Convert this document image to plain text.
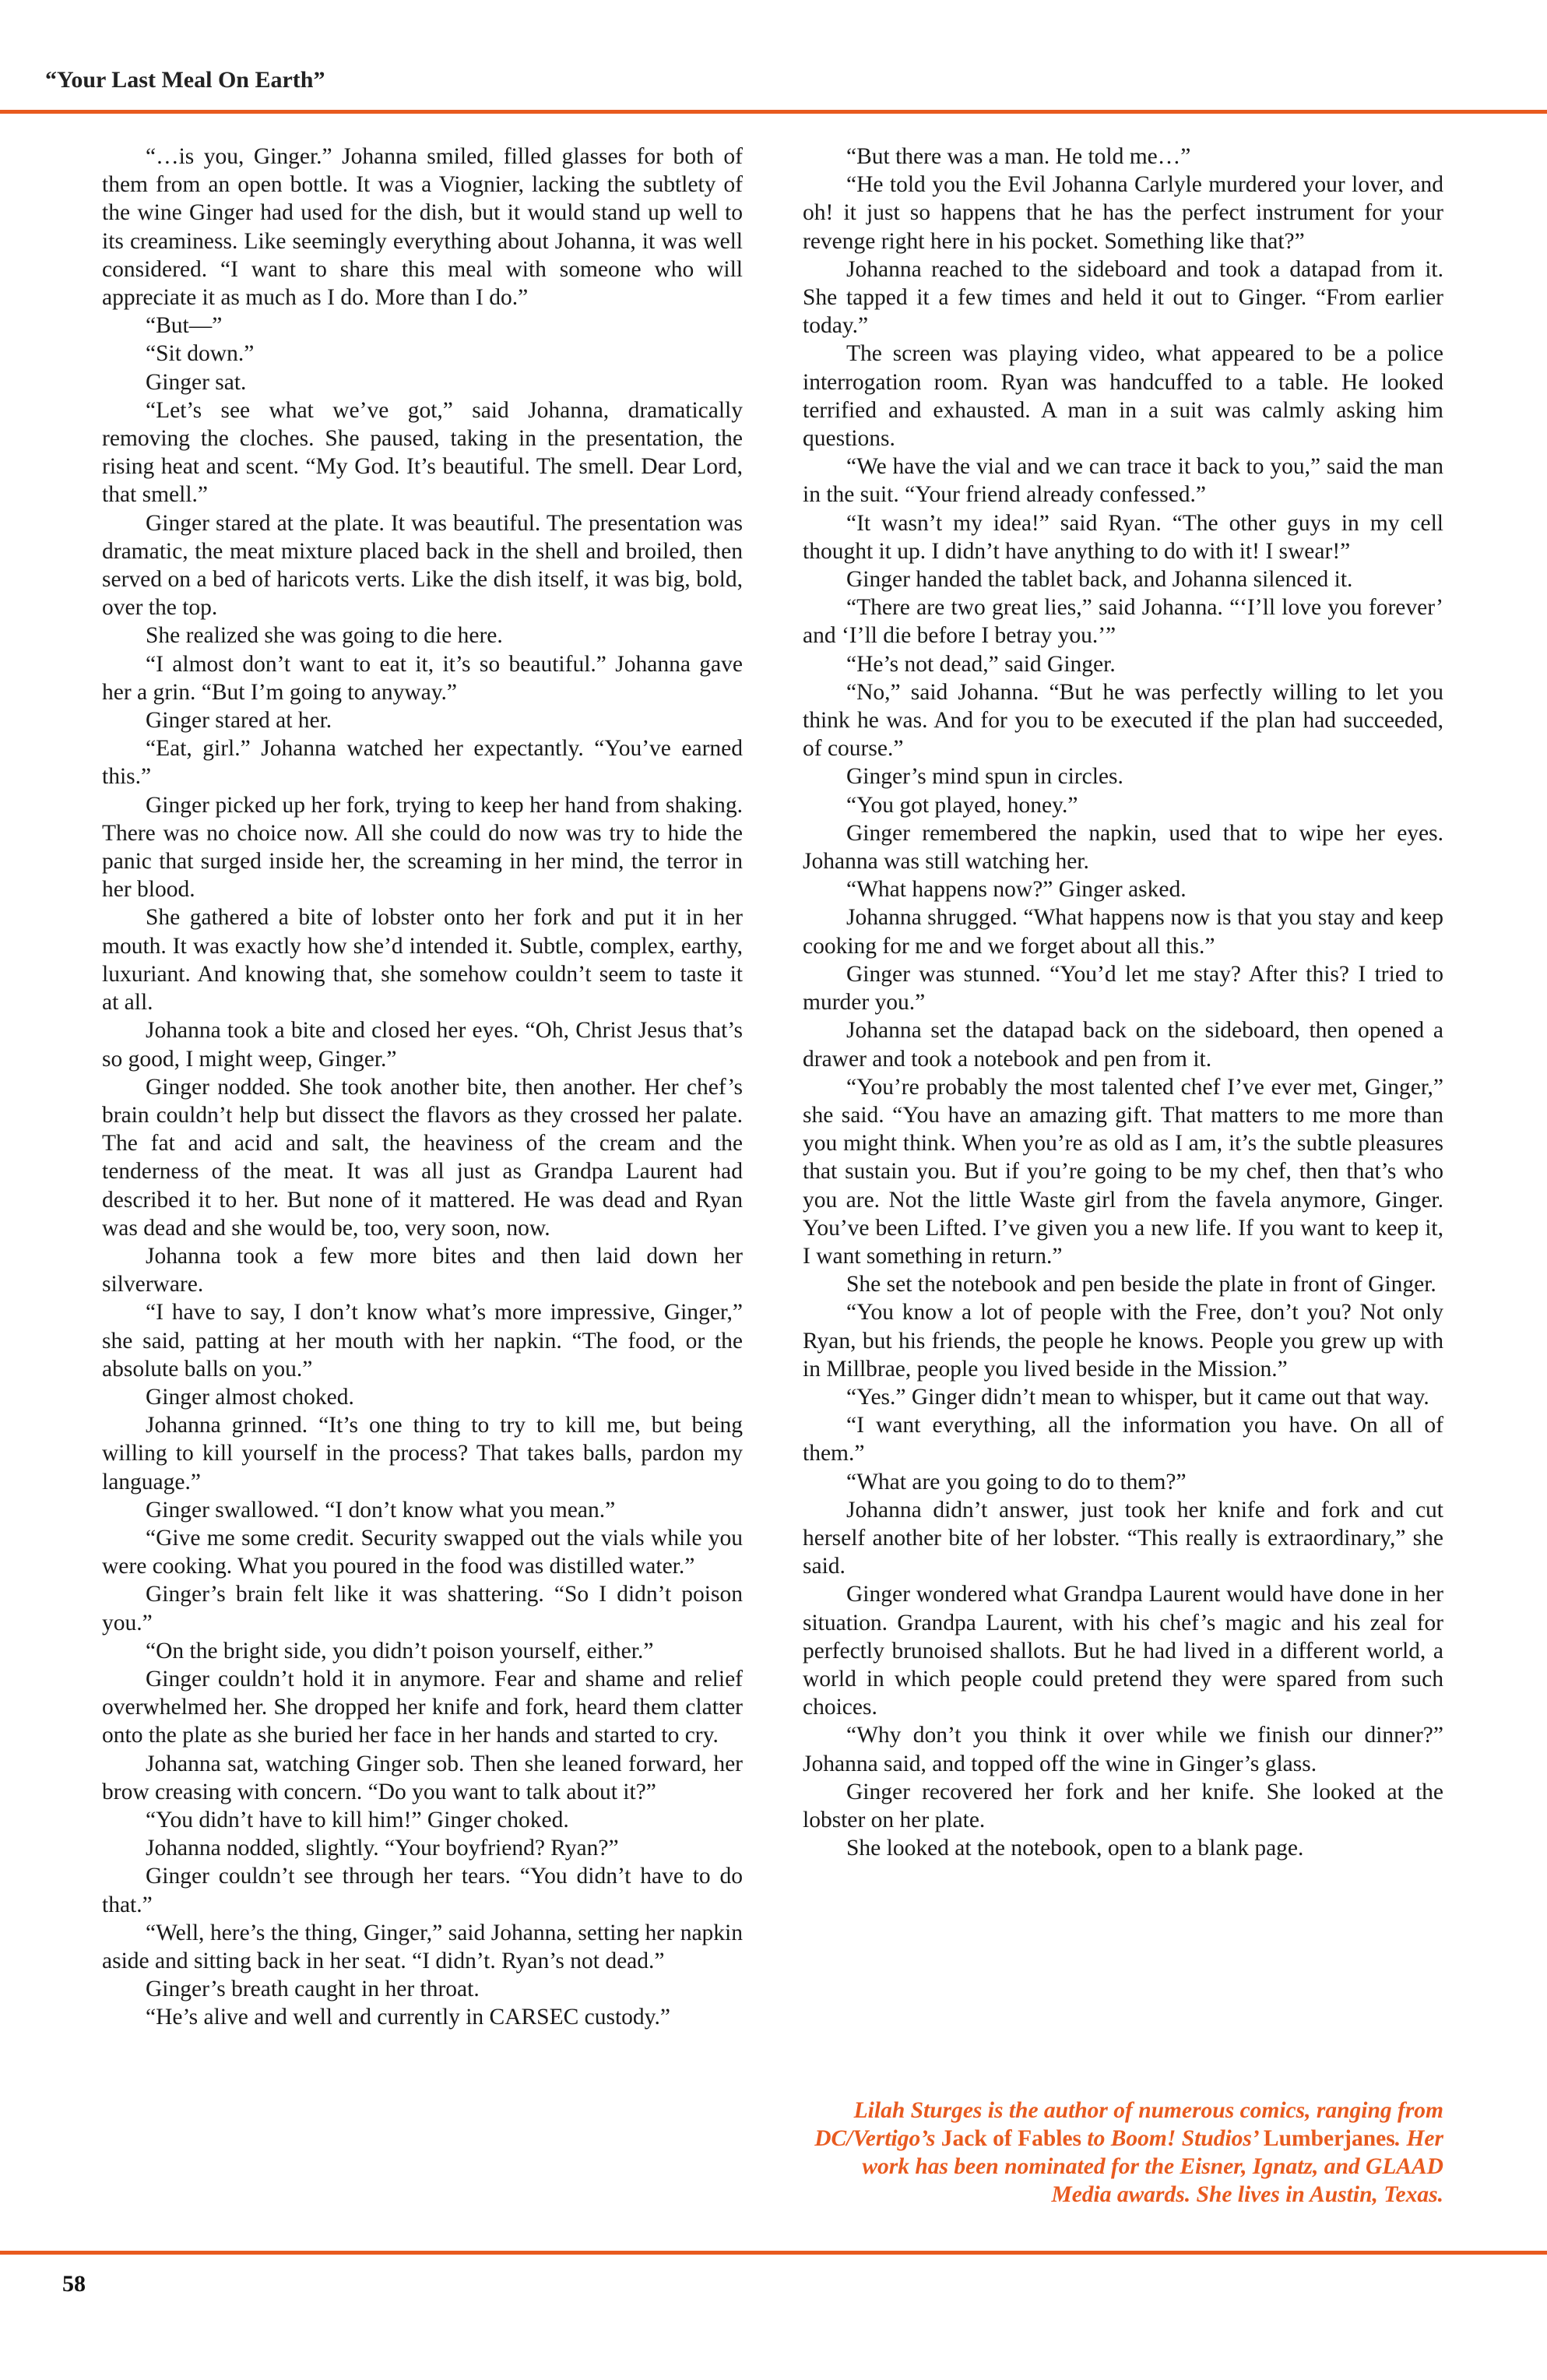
“Your Last Meal On Earth”

“…is you, Ginger.” Johanna smiled, filled glasses for both of them from an open bottle. It was a Viognier, lacking the subtlety of the wine Ginger had used for the dish, but it would stand up well to its creaminess. Like seemingly everything about Johanna, it was well considered. “I want to share this meal with someone who will appreciate it as much as I do. More than I do.”

“But—”

“Sit down.”

Ginger sat.

“Let’s see what we’ve got,” said Johanna, dramatically removing the cloches. She paused, taking in the presentation, the rising heat and scent. “My God. It’s beautiful. The smell. Dear Lord, that smell.”

Ginger stared at the plate. It was beautiful. The presentation was dramatic, the meat mixture placed back in the shell and broiled, then served on a bed of haricots verts. Like the dish itself, it was big, bold, over the top.

She realized she was going to die here.

“I almost don’t want to eat it, it’s so beautiful.” Johanna gave her a grin. “But I’m going to anyway.”

Ginger stared at her.

“Eat, girl.” Johanna watched her expectantly. “You’ve earned this.”

Ginger picked up her fork, trying to keep her hand from shaking. There was no choice now. All she could do now was try to hide the panic that surged inside her, the screaming in her mind, the terror in her blood.

She gathered a bite of lobster onto her fork and put it in her mouth. It was exactly how she’d intended it. Subtle, complex, earthy, luxuriant. And knowing that, she somehow couldn’t seem to taste it at all.

Johanna took a bite and closed her eyes. “Oh, Christ Jesus that’s so good, I might weep, Ginger.”

Ginger nodded. She took another bite, then another. Her chef’s brain couldn’t help but dissect the flavors as they crossed her palate. The fat and acid and salt, the heaviness of the cream and the tenderness of the meat. It was all just as Grandpa Laurent had described it to her. But none of it mattered. He was dead and Ryan was dead and she would be, too, very soon, now.

Johanna took a few more bites and then laid down her silverware.

“I have to say, I don’t know what’s more impressive, Ginger,” she said, patting at her mouth with her napkin. “The food, or the absolute balls on you.”

Ginger almost choked.

Johanna grinned. “It’s one thing to try to kill me, but being willing to kill yourself in the process? That takes balls, pardon my language.”

Ginger swallowed. “I don’t know what you mean.”

“Give me some credit. Security swapped out the vials while you were cooking. What you poured in the food was distilled water.”

Ginger’s brain felt like it was shattering. “So I didn’t poison you.”

“On the bright side, you didn’t poison yourself, either.”

Ginger couldn’t hold it in anymore. Fear and shame and relief overwhelmed her. She dropped her knife and fork, heard them clatter onto the plate as she buried her face in her hands and started to cry.

Johanna sat, watching Ginger sob. Then she leaned forward, her brow creasing with concern. “Do you want to talk about it?”

“You didn’t have to kill him!” Ginger choked.

Johanna nodded, slightly. “Your boyfriend? Ryan?”

Ginger couldn’t see through her tears. “You didn’t have to do that.”

“Well, here’s the thing, Ginger,” said Johanna, setting her napkin aside and sitting back in her seat. “I didn’t. Ryan’s not dead.”

Ginger’s breath caught in her throat.

“He’s alive and well and currently in CARSEC custody.”

“But there was a man. He told me…”

“He told you the Evil Johanna Carlyle murdered your lover, and oh! it just so happens that he has the perfect instrument for your revenge right here in his pocket. Something like that?”

Johanna reached to the sideboard and took a datapad from it. She tapped it a few times and held it out to Ginger. “From earlier today.”

The screen was playing video, what appeared to be a police interrogation room. Ryan was handcuffed to a table. He looked terrified and exhausted. A man in a suit was calmly asking him questions.

“We have the vial and we can trace it back to you,” said the man in the suit. “Your friend already confessed.”

“It wasn’t my idea!” said Ryan. “The other guys in my cell thought it up. I didn’t have anything to do with it! I swear!”

Ginger handed the tablet back, and Johanna silenced it.

“There are two great lies,” said Johanna. “‘I’ll love you forever’ and ‘I’ll die before I betray you.’”

“He’s not dead,” said Ginger.

“No,” said Johanna. “But he was perfectly willing to let you think he was. And for you to be executed if the plan had succeeded, of course.”

Ginger’s mind spun in circles.

“You got played, honey.”

Ginger remembered the napkin, used that to wipe her eyes. Johanna was still watching her.

“What happens now?” Ginger asked.

Johanna shrugged. “What happens now is that you stay and keep cooking for me and we forget about all this.”

Ginger was stunned. “You’d let me stay? After this? I tried to murder you.”

Johanna set the datapad back on the sideboard, then opened a drawer and took a notebook and pen from it.

“You’re probably the most talented chef I’ve ever met, Ginger,” she said. “You have an amazing gift. That matters to me more than you might think. When you’re as old as I am, it’s the subtle pleasures that sustain you. But if you’re going to be my chef, then that’s who you are. Not the little Waste girl from the favela anymore, Ginger. You’ve been Lifted. I’ve given you a new life. If you want to keep it, I want something in return.”

She set the notebook and pen beside the plate in front of Ginger.

“You know a lot of people with the Free, don’t you? Not only Ryan, but his friends, the people he knows. People you grew up with in Millbrae, people you lived beside in the Mission.”

“Yes.” Ginger didn’t mean to whisper, but it came out that way.

“I want everything, all the information you have. On all of them.”

“What are you going to do to them?”

Johanna didn’t answer, just took her knife and fork and cut herself another bite of her lobster. “This really is extraordinary,” she said.

Ginger wondered what Grandpa Laurent would have done in her situation. Grandpa Laurent, with his chef’s magic and his zeal for perfectly brunoised shallots. But he had lived in a different world, a world in which people could pretend they were spared from such choices.

“Why don’t you think it over while we finish our dinner?” Johanna said, and topped off the wine in Ginger’s glass.

Ginger recovered her fork and her knife. She looked at the lobster on her plate.

She looked at the notebook, open to a blank page.

Lilah Sturges is the author of numerous comics, ranging from DC/Vertigo’s Jack of Fables to Boom! Studios’ Lumberjanes. Her work has been nominated for the Eisner, Ignatz, and GLAAD Media awards. She lives in Austin, Texas.
58
